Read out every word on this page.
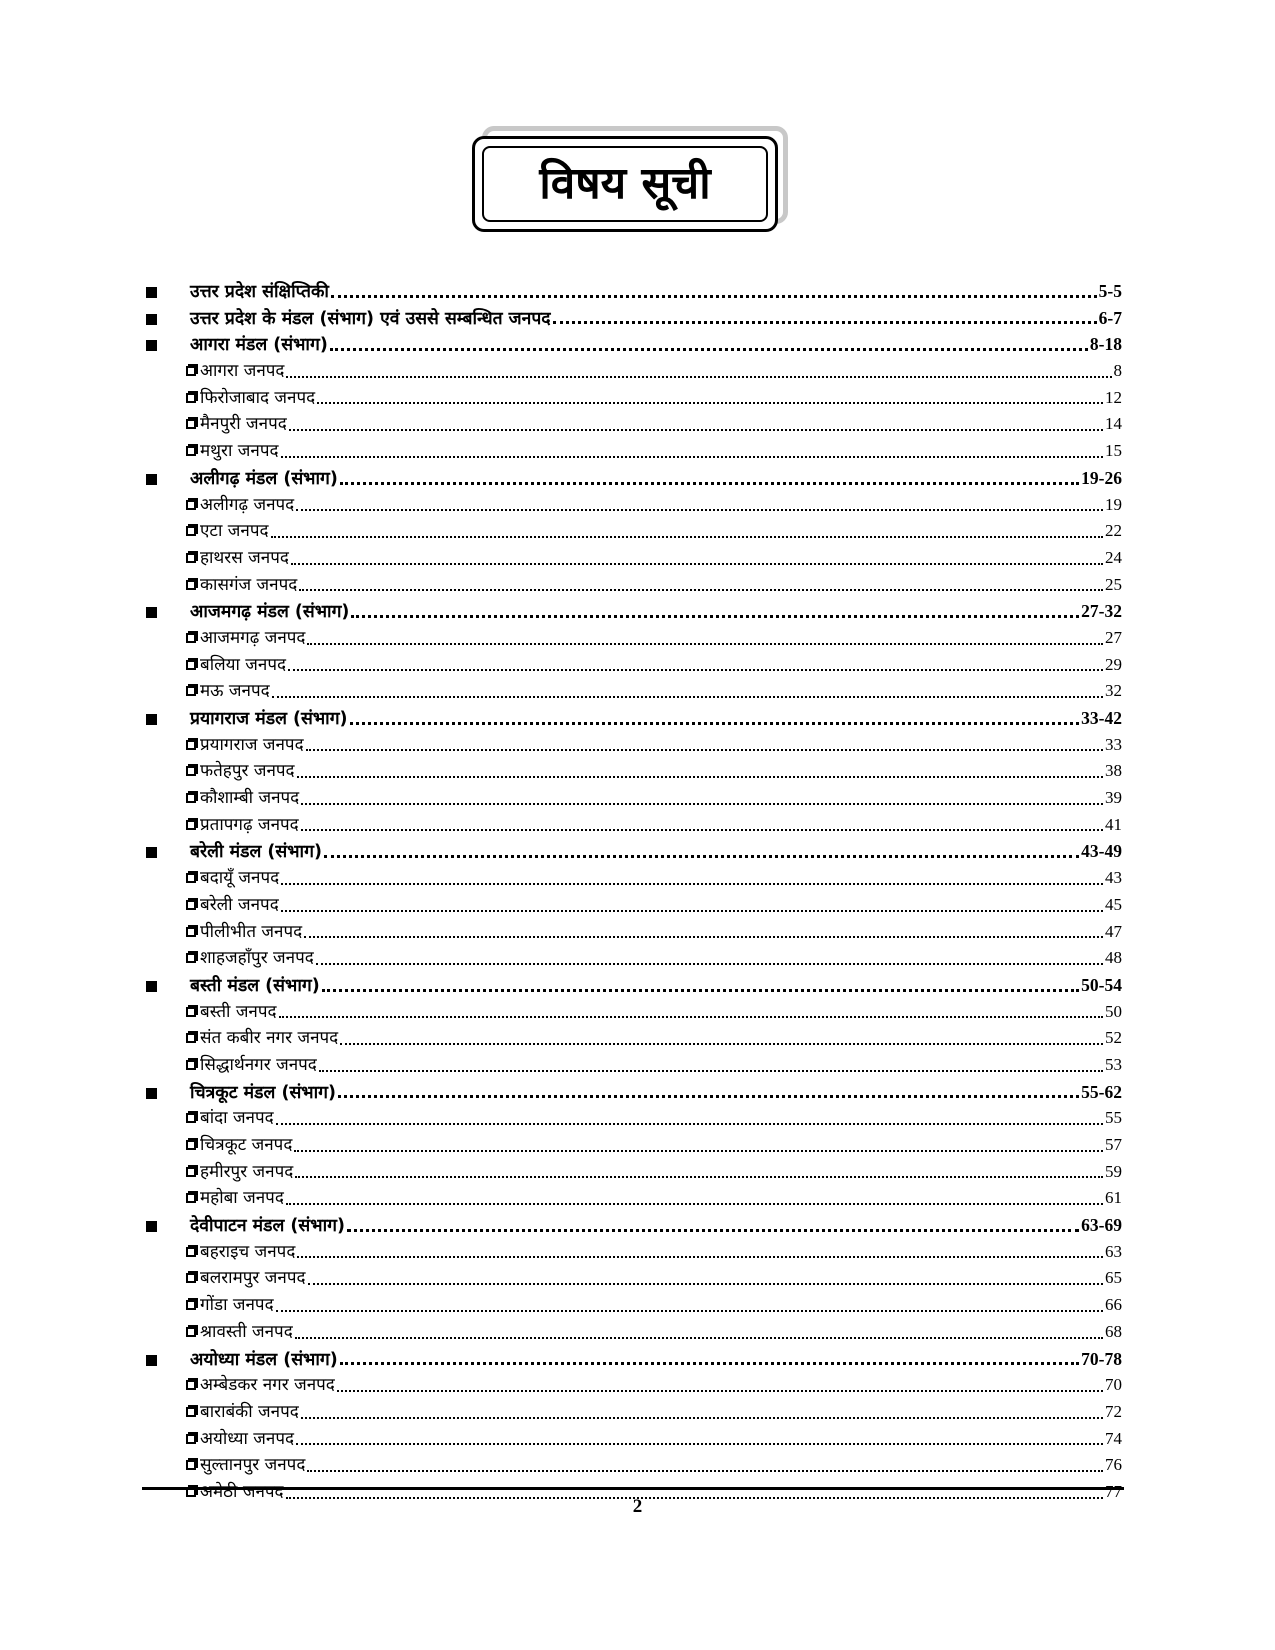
विषय सूची
उत्तर प्रदेश संक्षिप्तिकी	5-5
उत्तर प्रदेश के मंडल (संभाग) एवं उससे सम्बन्धित जनपद	6-7
आगरा मंडल (संभाग)	8-18
आगरा जनपद	8
फिरोजाबाद जनपद	12
मैनपुरी जनपद	14
मथुरा जनपद	15
अलीगढ़ मंडल (संभाग)	19-26
अलीगढ़ जनपद	19
एटा जनपद	22
हाथरस जनपद	24
कासगंज जनपद	25
आजमगढ़ मंडल (संभाग)	27-32
आजमगढ़ जनपद	27
बलिया जनपद	29
मऊ जनपद	32
प्रयागराज मंडल (संभाग)	33-42
प्रयागराज जनपद	33
फतेहपुर जनपद	38
कौशाम्बी जनपद	39
प्रतापगढ़ जनपद	41
बरेली मंडल (संभाग)	43-49
बदायूँ जनपद	43
बरेली जनपद	45
पीलीभीत जनपद	47
शाहजहाँपुर जनपद	48
बस्ती मंडल (संभाग)	50-54
बस्ती जनपद	50
संत कबीर नगर जनपद	52
सिद्धार्थनगर जनपद	53
चित्रकूट मंडल (संभाग)	55-62
बांदा जनपद	55
चित्रकूट जनपद	57
हमीरपुर जनपद	59
महोबा जनपद	61
देवीपाटन मंडल (संभाग)	63-69
बहराइच जनपद	63
बलरामपुर जनपद	65
गोंडा जनपद	66
श्रावस्ती जनपद	68
अयोध्या मंडल (संभाग)	70-78
अम्बेडकर नगर जनपद	70
बाराबंकी जनपद	72
अयोध्या जनपद	74
सुल्तानपुर जनपद	76
अमेठी जनपद	77
2
